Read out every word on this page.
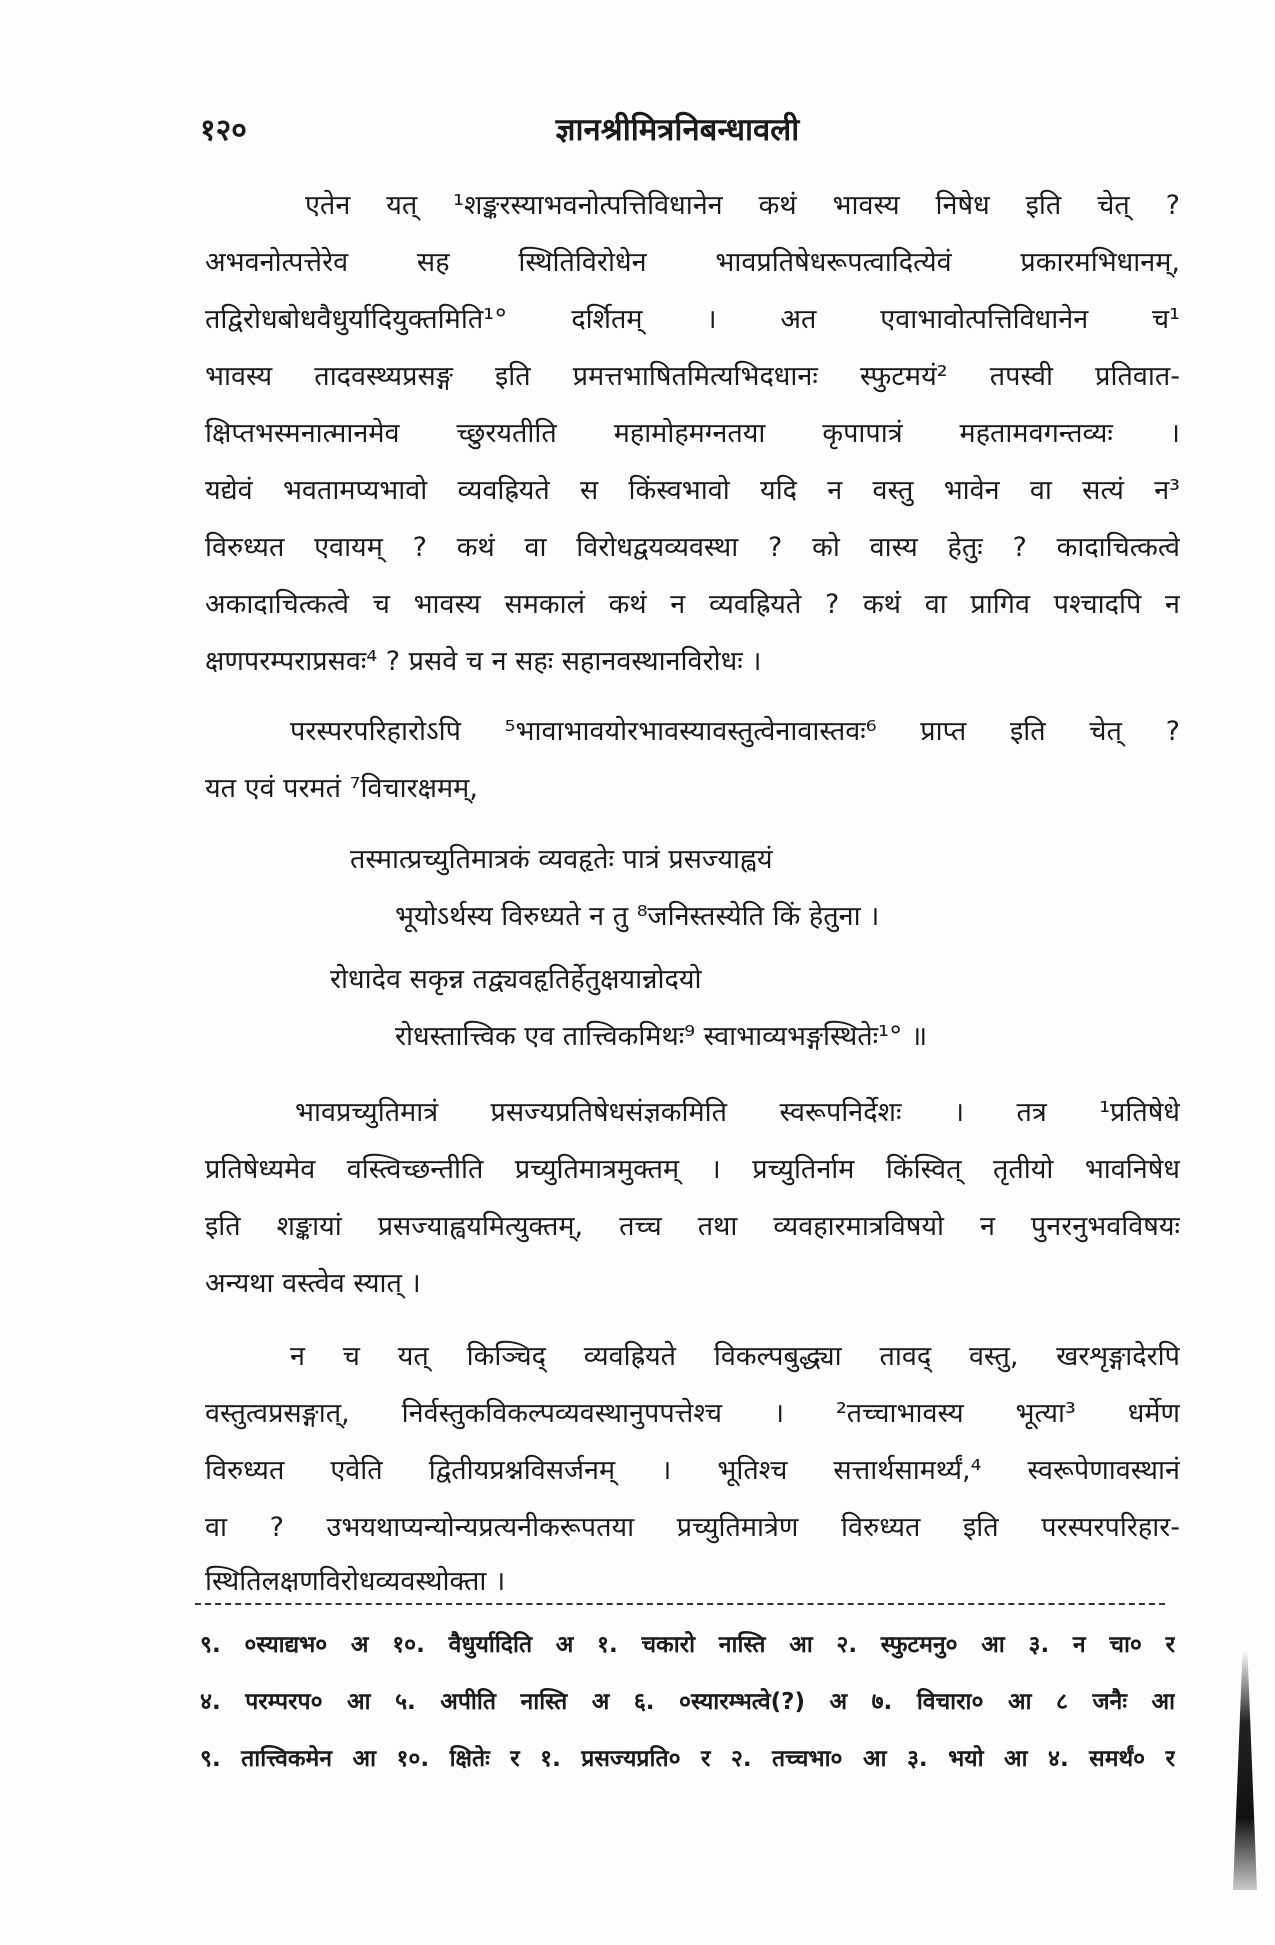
१२०	ज्ञानश्रीमित्रनिबन्धावली
एतेन यत् ¹शङ्करस्याभवनोत्पत्तिविधानेन कथं भावस्य निषेध इति चेत् ?
अभवनोत्पत्तेरेव सह स्थितिविरोधेन भावप्रतिषेधरूपत्वादित्येवं प्रकारमभिधानम्,
तद्विरोधबोधवैधुर्यादियुक्तमिति¹° दर्शितम् । अत एवाभावोत्पत्तिविधानेन च¹
भावस्य तादवस्थ्यप्रसङ्ग इति प्रमत्तभाषितमित्यभिदधानः स्फुटमयं² तपस्वी प्रतिवात-
क्षिप्तभस्मनात्मानमेव च्छुरयतीति महामोहमग्नतया कृपापात्रं महतामवगन्तव्यः ।
यद्येवं भवतामप्यभावो व्यवह्रियते स किंस्वभावो यदि न वस्तु भावेन वा सत्यं न³
विरुध्यत एवायम् ? कथं वा विरोधद्वयव्यवस्था ? को वास्य हेतुः ? कादाचित्कत्वे
अकादाचित्कत्वे च भावस्य समकालं कथं न व्यवह्रियते ? कथं वा प्रागिव पश्चादपि न
क्षणपरम्पराप्रसवः⁴ ? प्रसवे च न सहः सहानवस्थानविरोधः ।
परस्परपरिहारोऽपि ⁵भावाभावयोरभावस्यावस्तुत्वेनावास्तवः⁶ प्राप्त इति चेत् ?
यत एवं परमतं ⁷विचारक्षमम्,
तस्मात्प्रच्युतिमात्रकं व्यवहृतेः पात्रं प्रसज्याह्वयं
भूयोऽर्थस्य विरुध्यते न तु ⁸जनिस्तस्येति किं हेतुना ।
रोधादेव सकृन्न तद्व्यवहृतिर्हेतुक्षयान्नोदयो
रोधस्तात्त्विक एव तात्त्विकमिथः⁹ स्वाभाव्यभङ्गस्थितेः¹° ॥
भावप्रच्युतिमात्रं प्रसज्यप्रतिषेधसंज्ञकमिति स्वरूपनिर्देशः । तत्र ¹प्रतिषेधे
प्रतिषेध्यमेव वस्त्विच्छन्तीति प्रच्युतिमात्रमुक्तम् । प्रच्युतिर्नाम किंस्वित् तृतीयो भावनिषेध
इति शङ्कायां प्रसज्याह्वयमित्युक्तम्, तच्च तथा व्यवहारमात्रविषयो न पुनरनुभवविषयः
अन्यथा वस्त्वेव स्यात् ।
न च यत् किञ्चिद् व्यवह्रियते विकल्पबुद्ध्या तावद् वस्तु, खरशृङ्गादेरपि
वस्तुत्वप्रसङ्गात्, निर्वस्तुकविकल्पव्यवस्थानुपपत्तेश्च । ²तच्चाभावस्य भूत्या³ धर्मेण
विरुध्यत एवेति द्वितीयप्रश्नविसर्जनम् । भूतिश्च सत्तार्थसामर्थ्यं,⁴ स्वरूपेणावस्थानं
वा ? उभयथाप्यन्योन्यप्रत्यनीकरूपतया प्रच्युतिमात्रेण विरुध्यत इति परस्परपरिहार-
स्थितिलक्षणविरोधव्यवस्थोक्ता ।
९. ०स्याद्यभ० अ १०. वैधुर्यादिति अ १. चकारो नास्ति आ २. स्फुटमनु० आ ३. न चा० र
४. परम्परप० आ ५. अपीति नास्ति अ ६. ०स्यारम्भत्वे(?) अ ७. विचारा० आ ८ जनैः आ
९. तात्त्विकमेन आ १०. क्षितेः र १. प्रसज्यप्रति० र २. तच्चभा० आ ३. भयो आ ४. समर्थं० र
